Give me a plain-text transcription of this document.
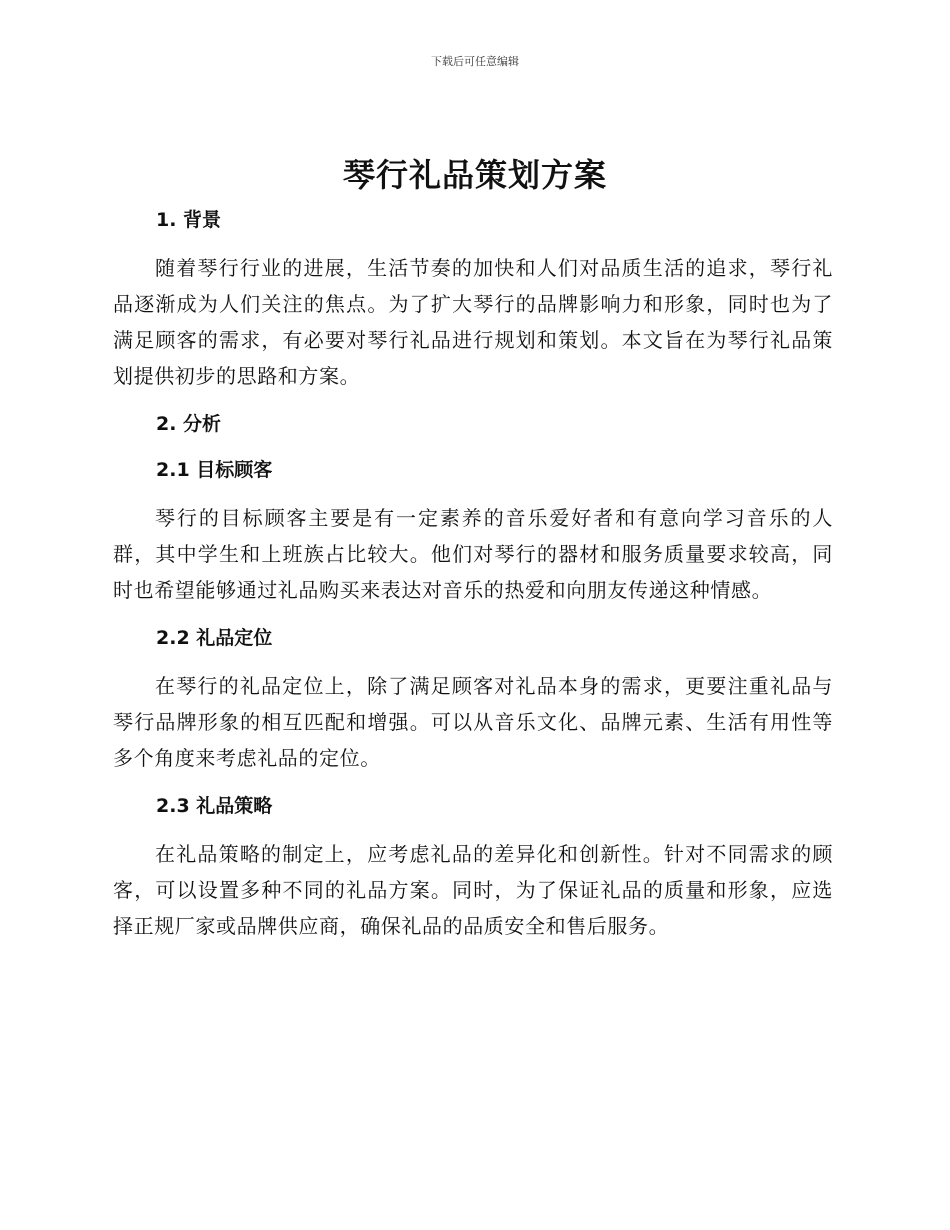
下载后可任意编辑
琴行礼品策划方案
1. 背景

随着琴行行业的进展，生活节奏的加快和人们对品质生活的追求，琴行礼品逐渐成为人们关注的焦点。为了扩大琴行的品牌影响力和形象，同时也为了满足顾客的需求，有必要对琴行礼品进行规划和策划。本文旨在为琴行礼品策划提供初步的思路和方案。

2. 分析
2.1 目标顾客

琴行的目标顾客主要是有一定素养的音乐爱好者和有意向学习音乐的人群，其中学生和上班族占比较大。他们对琴行的器材和服务质量要求较高，同时也希望能够通过礼品购买来表达对音乐的热爱和向朋友传递这种情感。

2.2 礼品定位

在琴行的礼品定位上，除了满足顾客对礼品本身的需求，更要注重礼品与琴行品牌形象的相互匹配和增强。可以从音乐文化、品牌元素、生活有用性等多个角度来考虑礼品的定位。

2.3 礼品策略

在礼品策略的制定上，应考虑礼品的差异化和创新性。针对不同需求的顾客，可以设置多种不同的礼品方案。同时，为了保证礼品的质量和形象，应选择正规厂家或品牌供应商，确保礼品的品质安全和售后服务。
